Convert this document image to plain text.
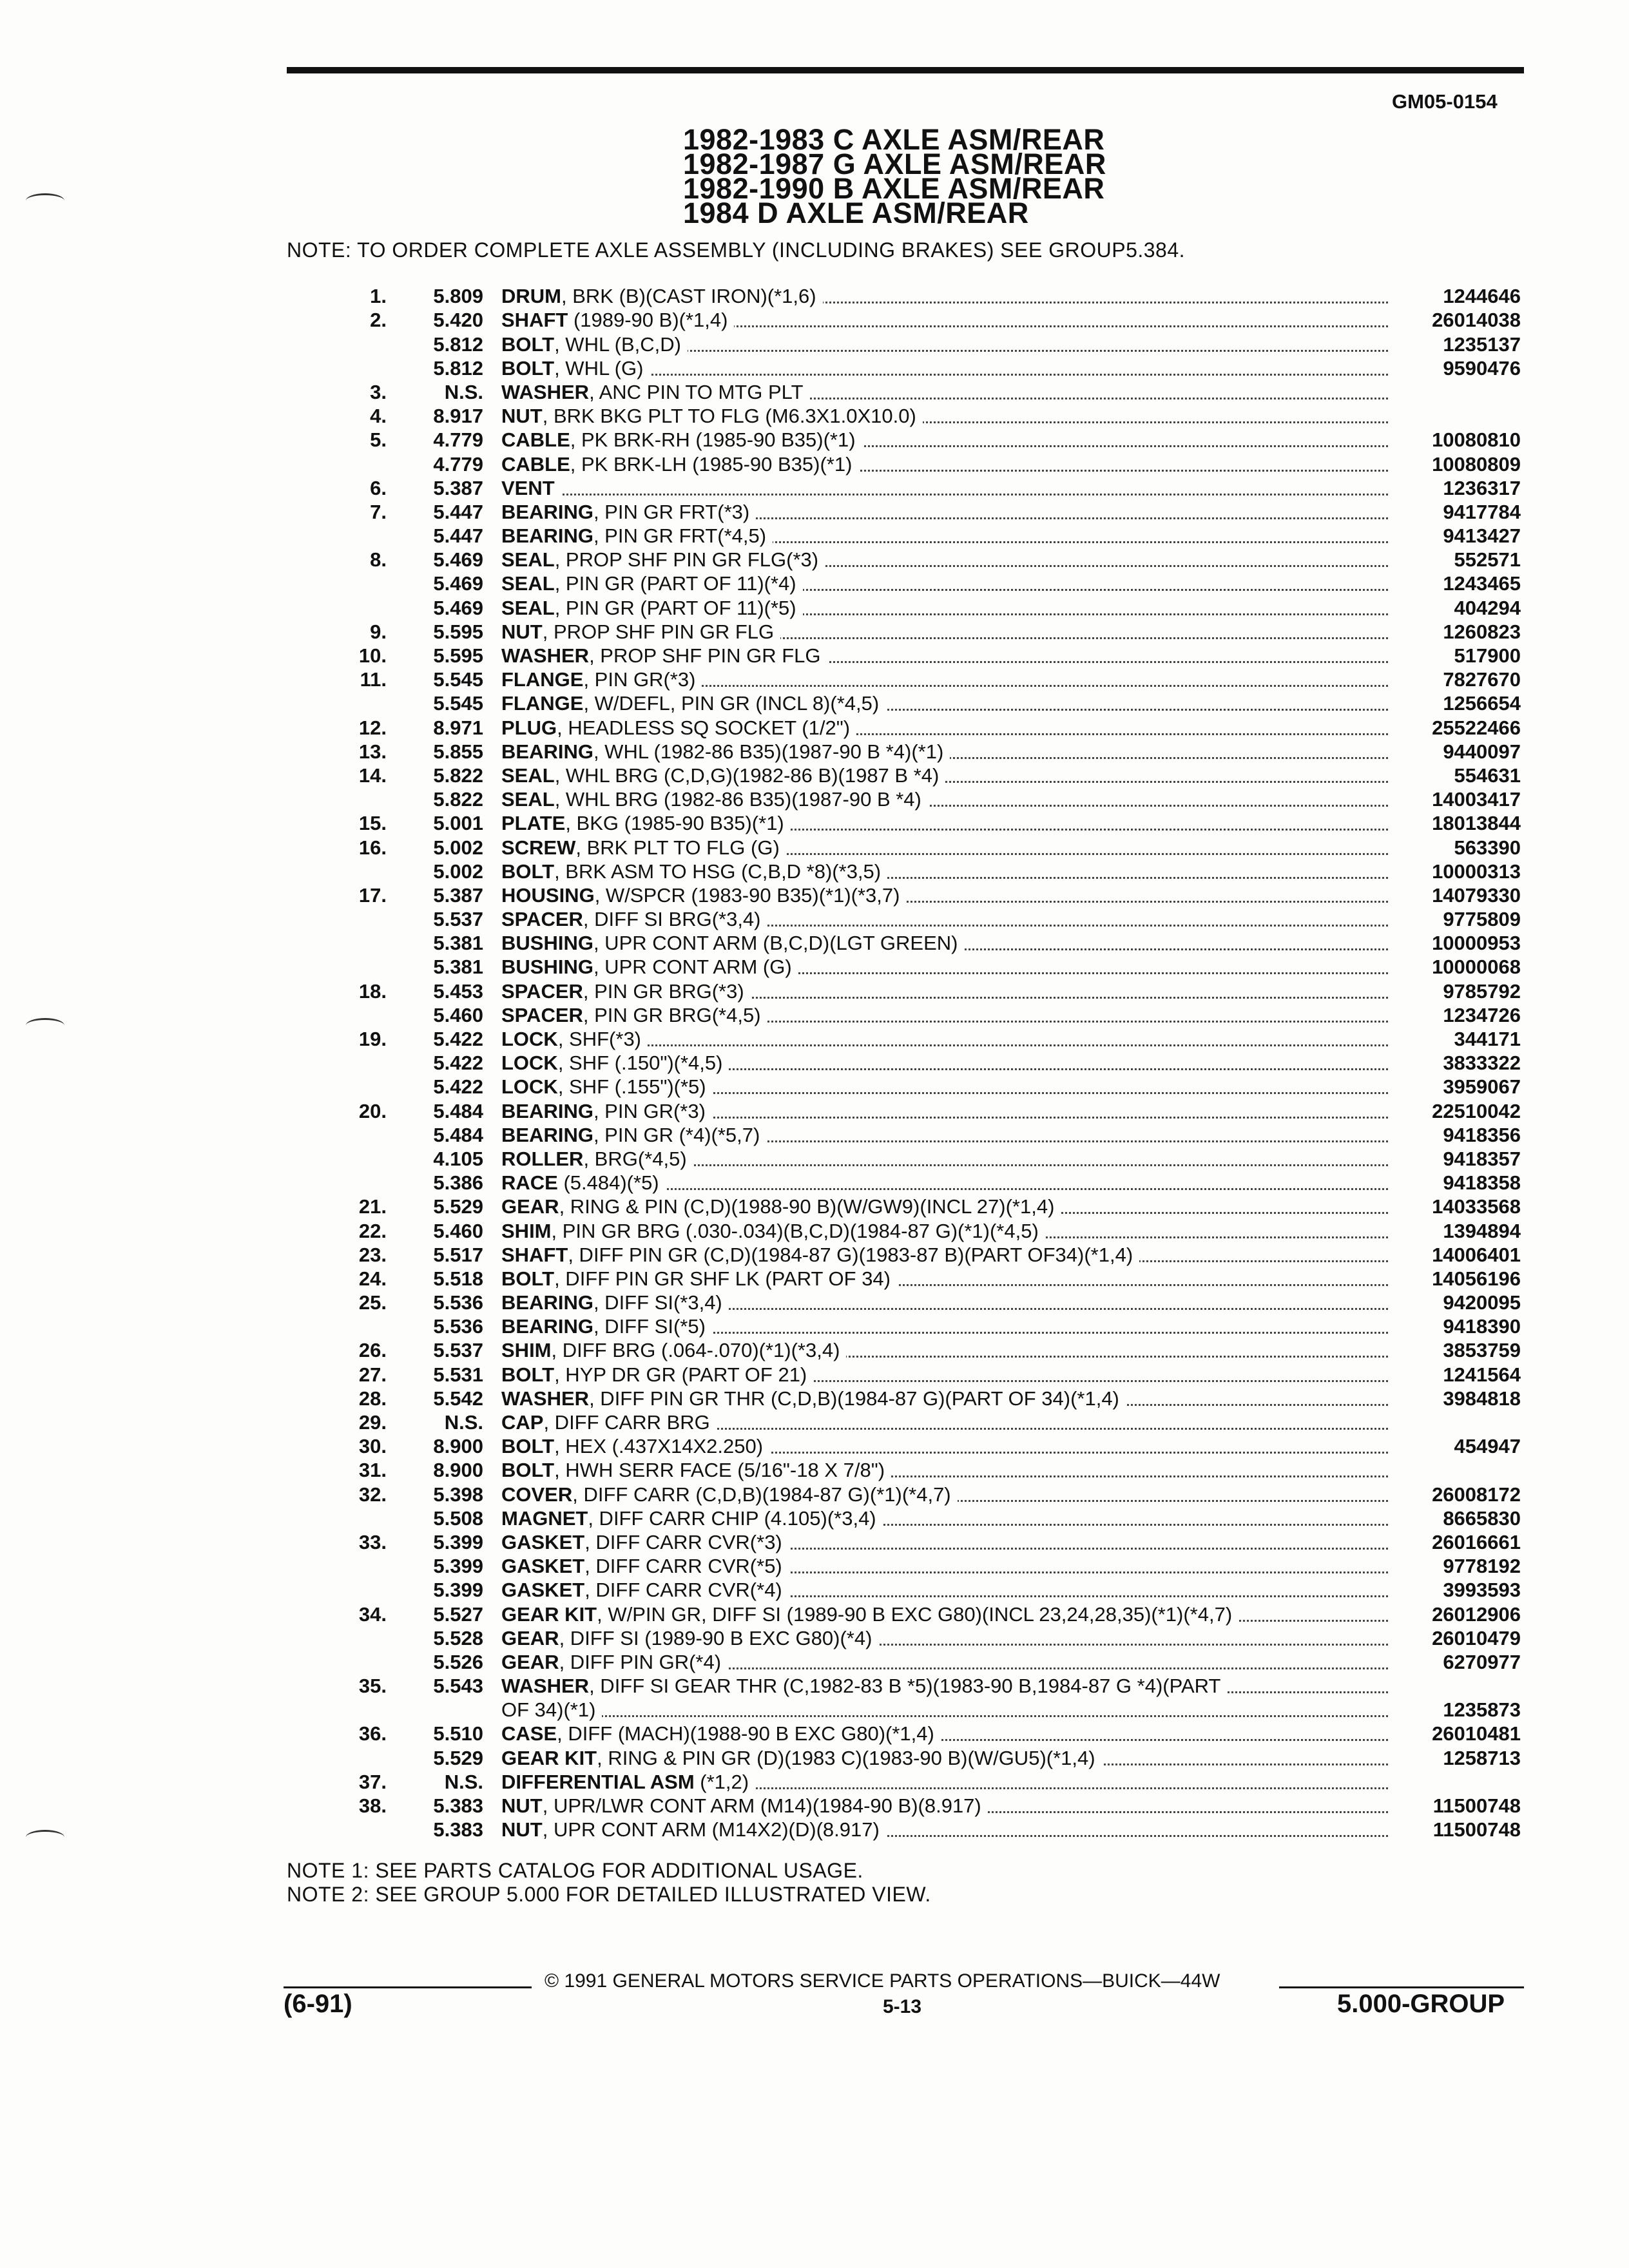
GM05-0154
1982-1983 C AXLE ASM/REAR
1982-1987 G AXLE ASM/REAR
1982-1990 B AXLE ASM/REAR
1984 D AXLE ASM/REAR
NOTE: TO ORDER COMPLETE AXLE ASSEMBLY (INCLUDING BRAKES) SEE GROUP5.384.
1.	5.809 DRUM, BRK (B)(CAST IRON)(*1,6)	1244646
2.	5.420 SHAFT (1989-90 B)(*1,4)	26014038
5.812 BOLT, WHL (B,C,D)	1235137
5.812 BOLT, WHL (G)	9590476
3.	N.S. WASHER, ANC PIN TO MTG PLT
4.	8.917 NUT, BRK BKG PLT TO FLG (M6.3X1.0X10.0)
5.	4.779 CABLE, PK BRK-RH (1985-90 B35)(*1)	10080810
4.779 CABLE, PK BRK-LH (1985-90 B35)(*1)	10080809
6.	5.387 VENT	1236317
7.	5.447 BEARING, PIN GR FRT(*3)	9417784
5.447 BEARING, PIN GR FRT(*4,5)	9413427
8.	5.469 SEAL, PROP SHF PIN GR FLG(*3)	552571
5.469 SEAL, PIN GR (PART OF 11)(*4)	1243465
5.469 SEAL, PIN GR (PART OF 11)(*5)	404294
9.	5.595 NUT, PROP SHF PIN GR FLG	1260823
10.	5.595 WASHER, PROP SHF PIN GR FLG	517900
11.	5.545 FLANGE, PIN GR(*3)	7827670
5.545 FLANGE, W/DEFL, PIN GR (INCL 8)(*4,5)	1256654
12.	8.971 PLUG, HEADLESS SQ SOCKET (1/2")	25522466
13.	5.855 BEARING, WHL (1982-86 B35)(1987-90 B *4)(*1)	9440097
14.	5.822 SEAL, WHL BRG (C,D,G)(1982-86 B)(1987 B *4)	554631
5.822 SEAL, WHL BRG (1982-86 B35)(1987-90 B *4)	14003417
15.	5.001 PLATE, BKG (1985-90 B35)(*1)	18013844
16.	5.002 SCREW, BRK PLT TO FLG (G)	563390
5.002 BOLT, BRK ASM TO HSG (C,B,D *8)(*3,5)	10000313
17.	5.387 HOUSING, W/SPCR (1983-90 B35)(*1)(*3,7)	14079330
5.537 SPACER, DIFF SI BRG(*3,4)	9775809
5.381 BUSHING, UPR CONT ARM (B,C,D)(LGT GREEN)	10000953
5.381 BUSHING, UPR CONT ARM (G)	10000068
18.	5.453 SPACER, PIN GR BRG(*3)	9785792
5.460 SPACER, PIN GR BRG(*4,5)	1234726
19.	5.422 LOCK, SHF(*3)	344171
5.422 LOCK, SHF (.150")(*4,5)	3833322
5.422 LOCK, SHF (.155")(*5)	3959067
20.	5.484 BEARING, PIN GR(*3)	22510042
5.484 BEARING, PIN GR (*4)(*5,7)	9418356
4.105 ROLLER, BRG(*4,5)	9418357
5.386 RACE (5.484)(*5)	9418358
21.	5.529 GEAR, RING & PIN (C,D)(1988-90 B)(W/GW9)(INCL 27)(*1,4)	14033568
22.	5.460 SHIM, PIN GR BRG (.030-.034)(B,C,D)(1984-87 G)(*1)(*4,5)	1394894
23.	5.517 SHAFT, DIFF PIN GR (C,D)(1984-87 G)(1983-87 B)(PART OF34)(*1,4)	14006401
24.	5.518 BOLT, DIFF PIN GR SHF LK (PART OF 34)	14056196
25.	5.536 BEARING, DIFF SI(*3,4)	9420095
5.536 BEARING, DIFF SI(*5)	9418390
26.	5.537 SHIM, DIFF BRG (.064-.070)(*1)(*3,4)	3853759
27.	5.531 BOLT, HYP DR GR (PART OF 21)	1241564
28.	5.542 WASHER, DIFF PIN GR THR (C,D,B)(1984-87 G)(PART OF 34)(*1,4)	3984818
29.	N.S. CAP, DIFF CARR BRG
30.	8.900 BOLT, HEX (.437X14X2.250)	454947
31.	8.900 BOLT, HWH SERR FACE (5/16"-18 X 7/8")
32.	5.398 COVER, DIFF CARR (C,D,B)(1984-87 G)(*1)(*4,7)	26008172
5.508 MAGNET, DIFF CARR CHIP (4.105)(*3,4)	8665830
33.	5.399 GASKET, DIFF CARR CVR(*3)	26016661
5.399 GASKET, DIFF CARR CVR(*5)	9778192
5.399 GASKET, DIFF CARR CVR(*4)	3993593
34.	5.527 GEAR KIT, W/PIN GR, DIFF SI (1989-90 B EXC G80)(INCL 23,24,28,35)(*1)(*4,7)	26012906
5.528 GEAR, DIFF SI (1989-90 B EXC G80)(*4)	26010479
5.526 GEAR, DIFF PIN GR(*4)	6270977
35.	5.543 WASHER, DIFF SI GEAR THR (C,1982-83 B *5)(1983-90 B,1984-87 G *4)(PART
OF 34)(*1)	1235873
36.	5.510 CASE, DIFF (MACH)(1988-90 B EXC G80)(*1,4)	26010481
5.529 GEAR KIT, RING & PIN GR (D)(1983 C)(1983-90 B)(W/GU5)(*1,4)	1258713
37.	N.S. DIFFERENTIAL ASM (*1,2)
38.	5.383 NUT, UPR/LWR CONT ARM (M14)(1984-90 B)(8.917)	11500748
5.383 NUT, UPR CONT ARM (M14X2)(D)(8.917)	11500748
NOTE 1: SEE PARTS CATALOG FOR ADDITIONAL USAGE.
NOTE 2: SEE GROUP 5.000 FOR DETAILED ILLUSTRATED VIEW.
© 1991 GENERAL MOTORS SERVICE PARTS OPERATIONS—BUICK—44W
(6-91)	5-13	5.000-GROUP
